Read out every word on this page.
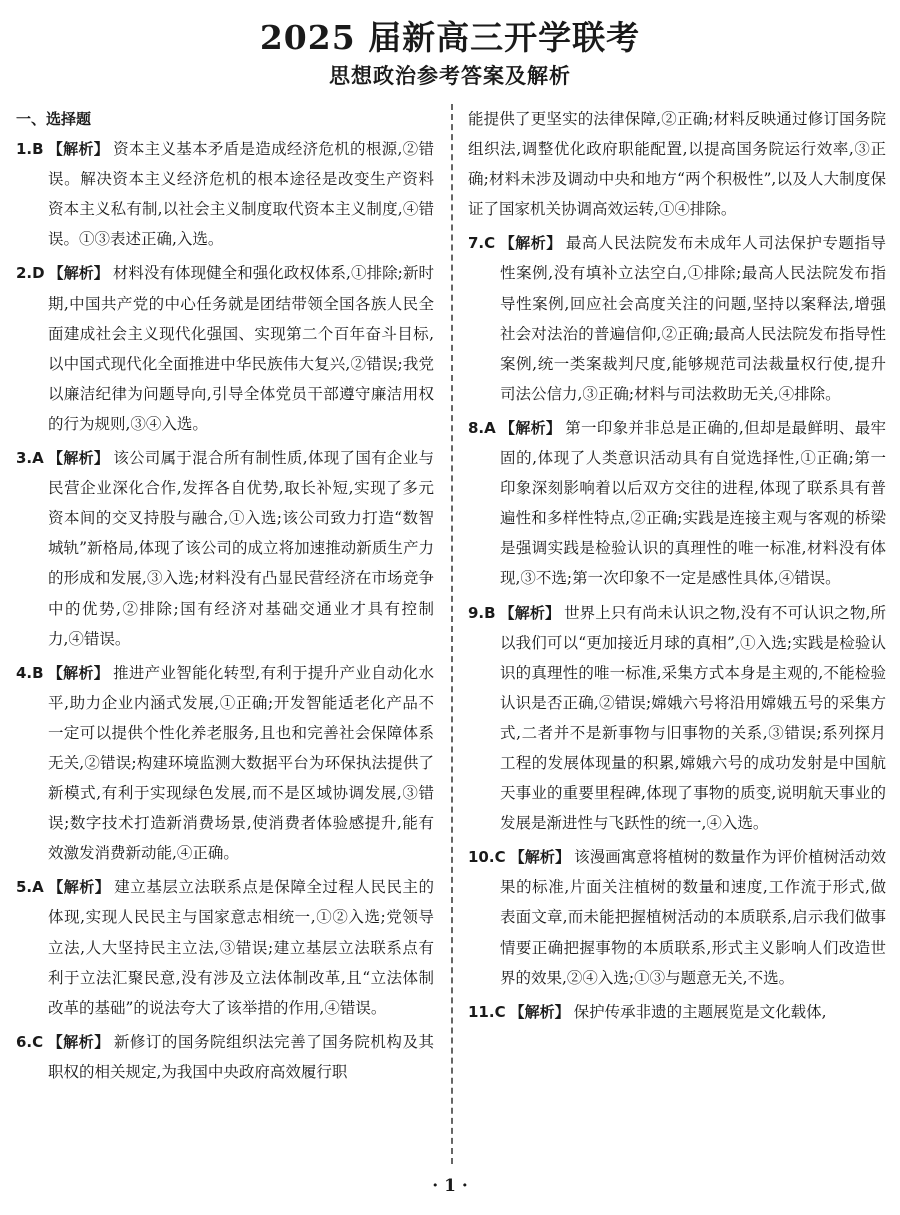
2025 届新高三开学联考
思想政治参考答案及解析
一、选择题
1.B 【解析】 资本主义基本矛盾是造成经济危机的根源,②错误。解决资本主义经济危机的根本途径是改变生产资料资本主义私有制,以社会主义制度取代资本主义制度,④错误。①③表述正确,入选。
2.D 【解析】 材料没有体现健全和强化政权体系,①排除;新时期,中国共产党的中心任务就是团结带领全国各族人民全面建成社会主义现代化强国、实现第二个百年奋斗目标,以中国式现代化全面推进中华民族伟大复兴,②错误;我党以廉洁纪律为问题导向,引导全体党员干部遵守廉洁用权的行为规则,③④入选。
3.A 【解析】 该公司属于混合所有制性质,体现了国有企业与民营企业深化合作,发挥各自优势,取长补短,实现了多元资本间的交叉持股与融合,①入选;该公司致力打造“数智城轨”新格局,体现了该公司的成立将加速推动新质生产力的形成和发展,③入选;材料没有凸显民营经济在市场竞争中的优势,②排除;国有经济对基础交通业才具有控制力,④错误。
4.B 【解析】 推进产业智能化转型,有利于提升产业自动化水平,助力企业内涵式发展,①正确;开发智能适老化产品不一定可以提供个性化养老服务,且也和完善社会保障体系无关,②错误;构建环境监测大数据平台为环保执法提供了新模式,有利于实现绿色发展,而不是区域协调发展,③错误;数字技术打造新消费场景,使消费者体验感提升,能有效激发消费新动能,④正确。
5.A 【解析】 建立基层立法联系点是保障全过程人民民主的体现,实现人民民主与国家意志相统一,①②入选;党领导立法,人大坚持民主立法,③错误;建立基层立法联系点有利于立法汇聚民意,没有涉及立法体制改革,且“立法体制改革的基础”的说法夸大了该举措的作用,④错误。
6.C 【解析】 新修订的国务院组织法完善了国务院机构及其职权的相关规定,为我国中央政府高效履行职
能提供了更坚实的法律保障,②正确;材料反映通过修订国务院组织法,调整优化政府职能配置,以提高国务院运行效率,③正确;材料未涉及调动中央和地方“两个积极性”,以及人大制度保证了国家机关协调高效运转,①④排除。
7.C 【解析】 最高人民法院发布未成年人司法保护专题指导性案例,没有填补立法空白,①排除;最高人民法院发布指导性案例,回应社会高度关注的问题,坚持以案释法,增强社会对法治的普遍信仰,②正确;最高人民法院发布指导性案例,统一类案裁判尺度,能够规范司法裁量权行使,提升司法公信力,③正确;材料与司法救助无关,④排除。
8.A 【解析】 第一印象并非总是正确的,但却是最鲜明、最牢固的,体现了人类意识活动具有自觉选择性,①正确;第一印象深刻影响着以后双方交往的进程,体现了联系具有普遍性和多样性特点,②正确;实践是连接主观与客观的桥梁是强调实践是检验认识的真理性的唯一标准,材料没有体现,③不选;第一次印象不一定是感性具体,④错误。
9.B 【解析】 世界上只有尚未认识之物,没有不可认识之物,所以我们可以“更加接近月球的真相”,①入选;实践是检验认识的真理性的唯一标准,采集方式本身是主观的,不能检验认识是否正确,②错误;嫦娥六号将沿用嫦娥五号的采集方式,二者并不是新事物与旧事物的关系,③错误;系列探月工程的发展体现量的积累,嫦娥六号的成功发射是中国航天事业的重要里程碑,体现了事物的质变,说明航天事业的发展是渐进性与飞跃性的统一,④入选。
10.C 【解析】 该漫画寓意将植树的数量作为评价植树活动效果的标准,片面关注植树的数量和速度,工作流于形式,做表面文章,而未能把握植树活动的本质联系,启示我们做事情要正确把握事物的本质联系,形式主义影响人们改造世界的效果,②④入选;①③与题意无关,不选。
11.C 【解析】 保护传承非遗的主题展览是文化载体,
· 1 ·
